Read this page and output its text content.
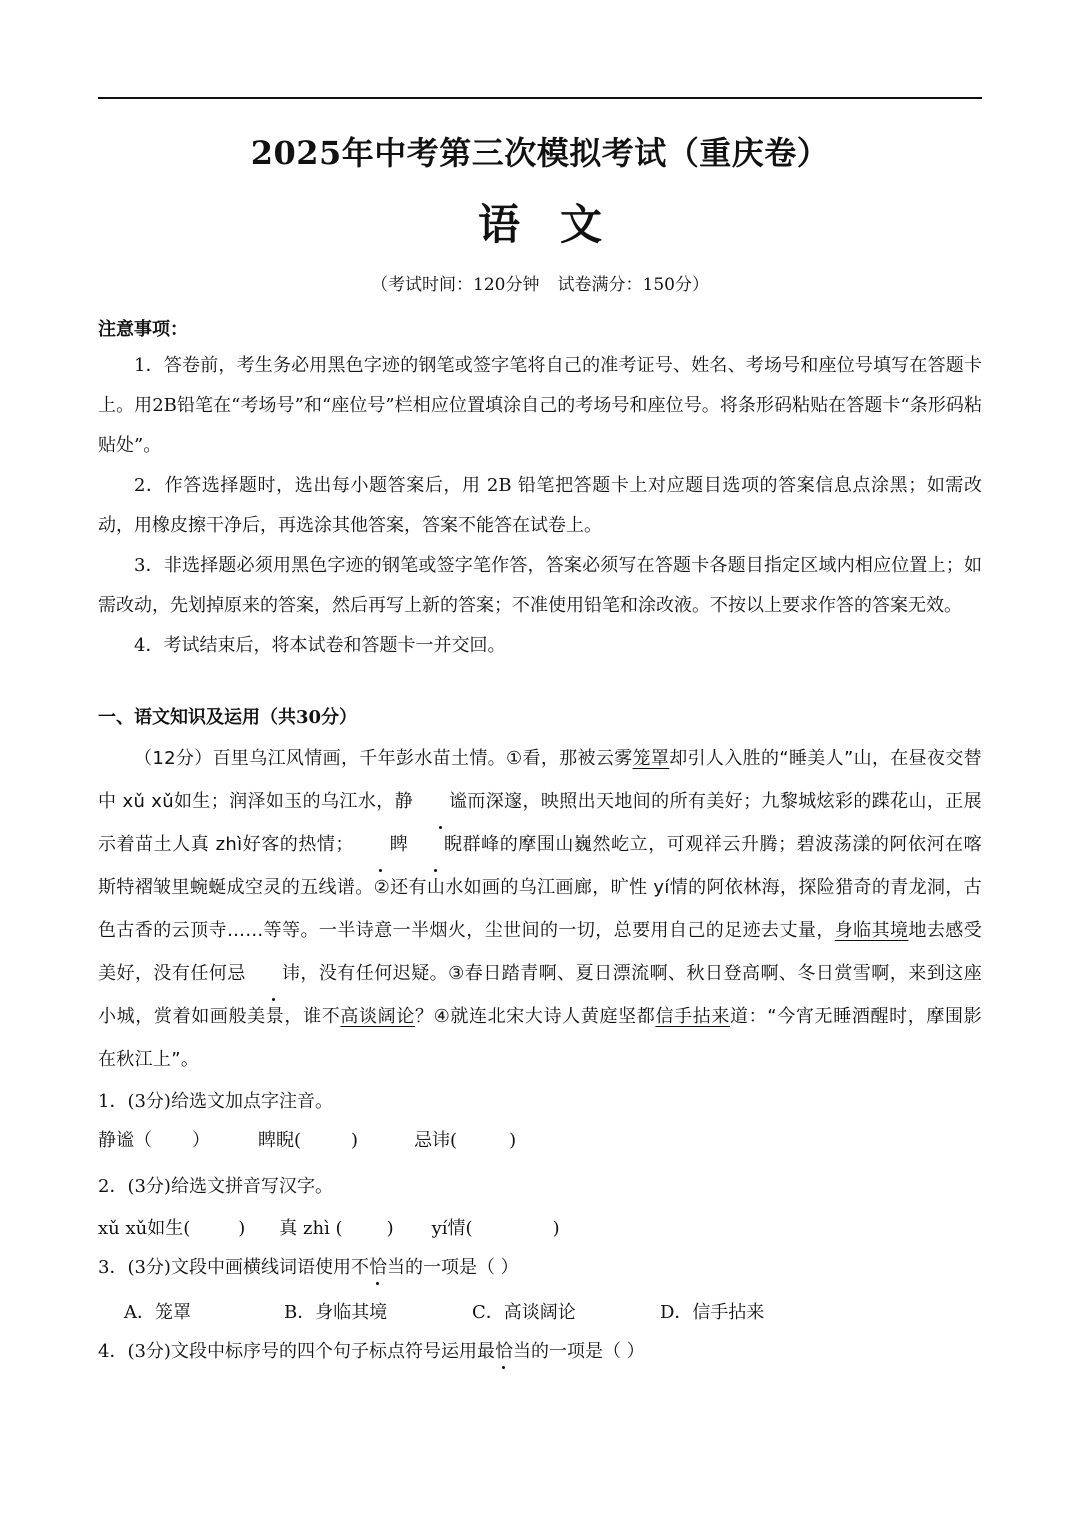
2025年中考第三次模拟考试（重庆卷）
语文
（考试时间：120分钟 试卷满分：150分）
注意事项：

1．答卷前，考生务必用黑色字迹的钢笔或签字笔将自己的准考证号、姓名、考场号和座位号填写在答题卡上。用2B铅笔在“考场号”和“座位号”栏相应位置填涂自己的考场号和座位号。将条形码粘贴在答题卡“条形码粘贴处”。

2．作答选择题时，选出每小题答案后，用 2B 铅笔把答题卡上对应题目选项的答案信息点涂黑；如需改动，用橡皮擦干净后，再选涂其他答案，答案不能答在试卷上。

3．非选择题必须用黑色字迹的钢笔或签字笔作答，答案必须写在答题卡各题目指定区域内相应位置上；如需改动，先划掉原来的答案，然后再写上新的答案；不准使用铅笔和涂改液。不按以上要求作答的答案无效。

4．考试结束后，将本试卷和答题卡一并交回。

一、语文知识及运用（共30分）

（12分）百里乌江风情画，千年彭水苗土情。①看，那被云雾笼罩却引人入胜的“睡美人”山，在昼夜交替中 xǔ xǔ如生；润泽如玉的乌江水，静 谧而深邃，映照出天地间的所有美好；九黎城炫彩的蹀花山，正展示着苗土人真 zhì好客的热情； 睥 睨群峰的摩围山巍然屹立，可观祥云升腾；碧波荡漾的阿依河在喀斯特褶皱里蜿蜒成空灵的五线谱。②还有山水如画的乌江画廊，旷性 yí情的阿依林海，探险猎奇的青龙洞，古色古香的云顶寺……等等。一半诗意一半烟火，尘世间的一切，总要用自己的足迹去丈量，身临其境地去感受美好，没有任何忌 讳，没有任何迟疑。③春日踏青啊、夏日漂流啊、秋日登高啊、冬日赏雪啊，来到这座小城，赏着如画般美景，谁不高谈阔论？④就连北宋大诗人黄庭坚都信手拈来道：“今宵无睡酒醒时，摩围影在秋江上”。

1．(3分)给选文加点字注音。
静谧（ ）	睥睨(	)	忌讳(	)
2．(3分)给选文拼音写汉字。
xǔ xǔ如生(	) 真 zhì ( ) yí情(	)
3．(3分)文段中画横线词语使用不恰当的一项是（ ）
A．笼罩	B．身临其境	C．高谈阔论	D．信手拈来
4．(3分)文段中标序号的四个句子标点符号运用最恰当的一项是（ ）
